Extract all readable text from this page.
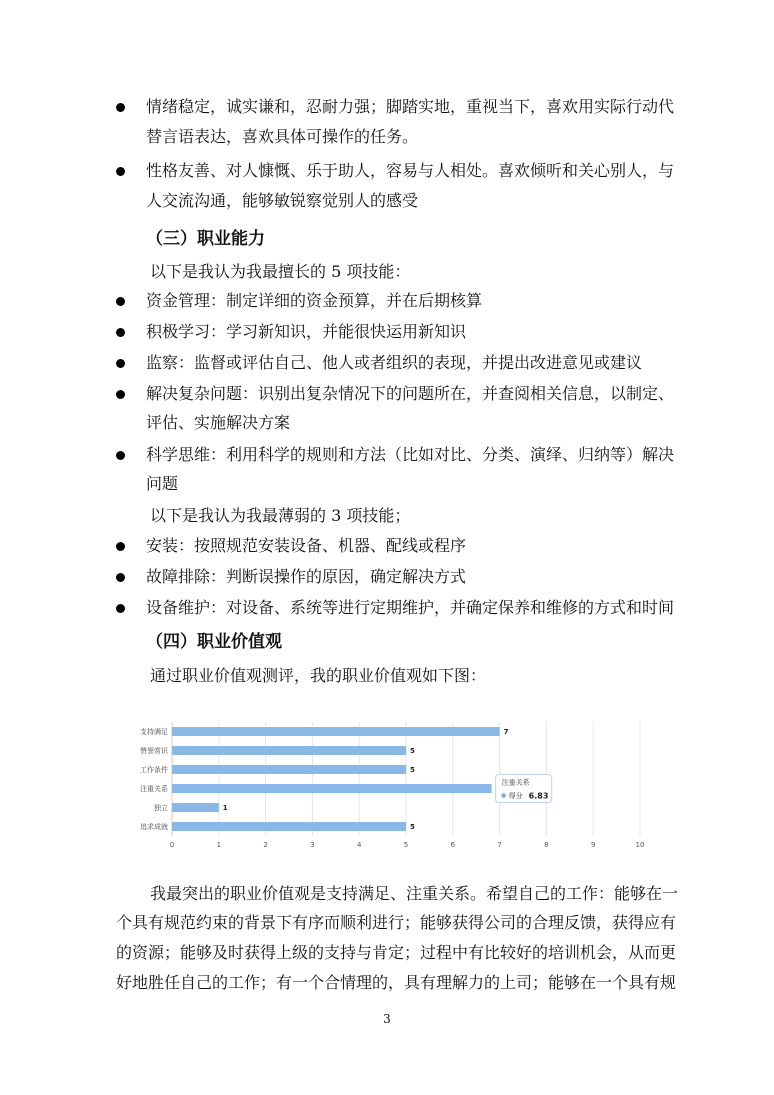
情绪稳定，诚实谦和，忍耐力强；脚踏实地，重视当下，喜欢用实际行动代
替言语表达，喜欢具体可操作的任务。
性格友善、对人慷慨、乐于助人，容易与人相处。喜欢倾听和关心别人，与
人交流沟通，能够敏锐察觉别人的感受
（三）职业能力
以下是我认为我最擅长的 5 项技能：
资金管理：制定详细的资金预算，并在后期核算
积极学习：学习新知识，并能很快运用新知识
监察：监督或评估自己、他人或者组织的表现，并提出改进意见或建议
解决复杂问题：识别出复杂情况下的问题所在，并查阅相关信息，以制定、
评估、实施解决方案
科学思维：利用科学的规则和方法（比如对比、分类、演绎、归纳等）解决
问题
以下是我认为我最薄弱的 3 项技能；
安装：按照规范安装设备、机器、配线或程序
故障排除：判断误操作的原因，确定解决方式
设备维护：对设备、系统等进行定期维护，并确定保养和维修的方式和时间
（四）职业价值观
通过职业价值观测评，我的职业价值观如下图：
0	1	2	3	4	5	6	7	8	9	10
支持满足	7
赞誉赏识	5
工作条件	5
注重关系
独立	1
追求成就	5
注重关系
得分 6.83
我最突出的职业价值观是支持满足、注重关系。希望自己的工作：能够在一
个具有规范约束的背景下有序而顺利进行；能够获得公司的合理反馈，获得应有
的资源；能够及时获得上级的支持与肯定；过程中有比较好的培训机会，从而更
好地胜任自己的工作；有一个合情理的，具有理解力的上司；能够在一个具有规
3
